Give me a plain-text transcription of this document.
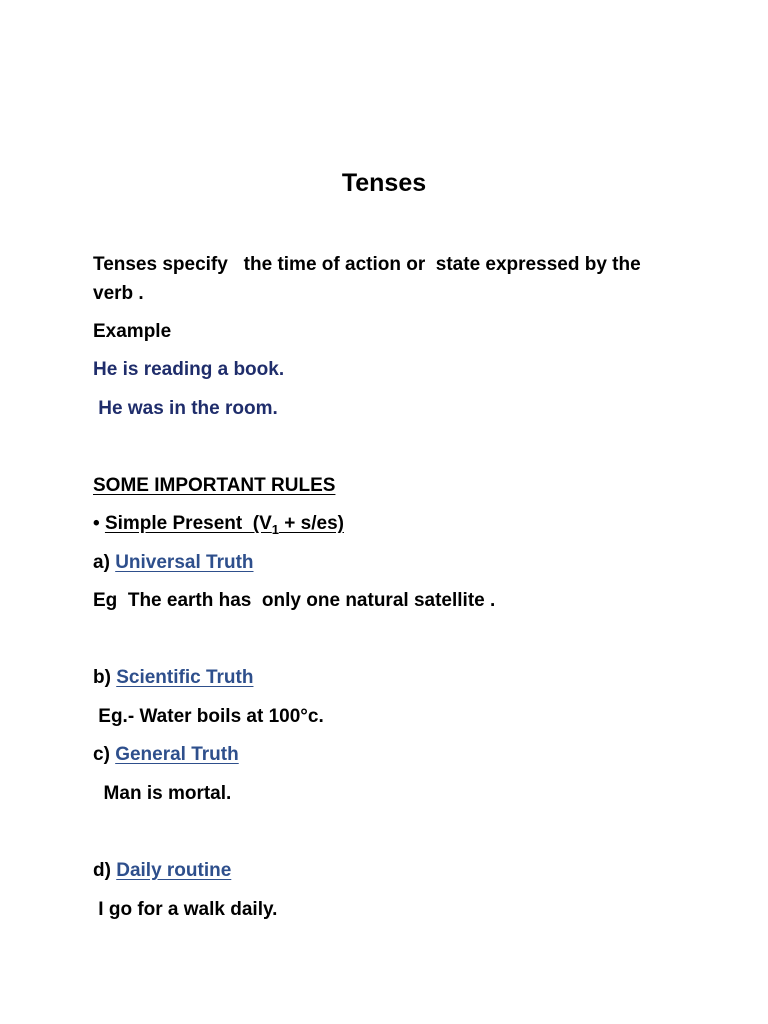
Tenses
Tenses specify   the time of action or  state expressed by the
verb .
Example
He is reading a book.
He was in the room.
SOME IMPORTANT RULES
• Simple Present  $(V_1 + s/es)$
a) Universal Truth
Eg  The earth has  only one natural satellite .
b) Scientific Truth
Eg.- Water boils at 100°c.
c) General Truth
Man is mortal.
d) Daily routine
I go for a walk daily.
